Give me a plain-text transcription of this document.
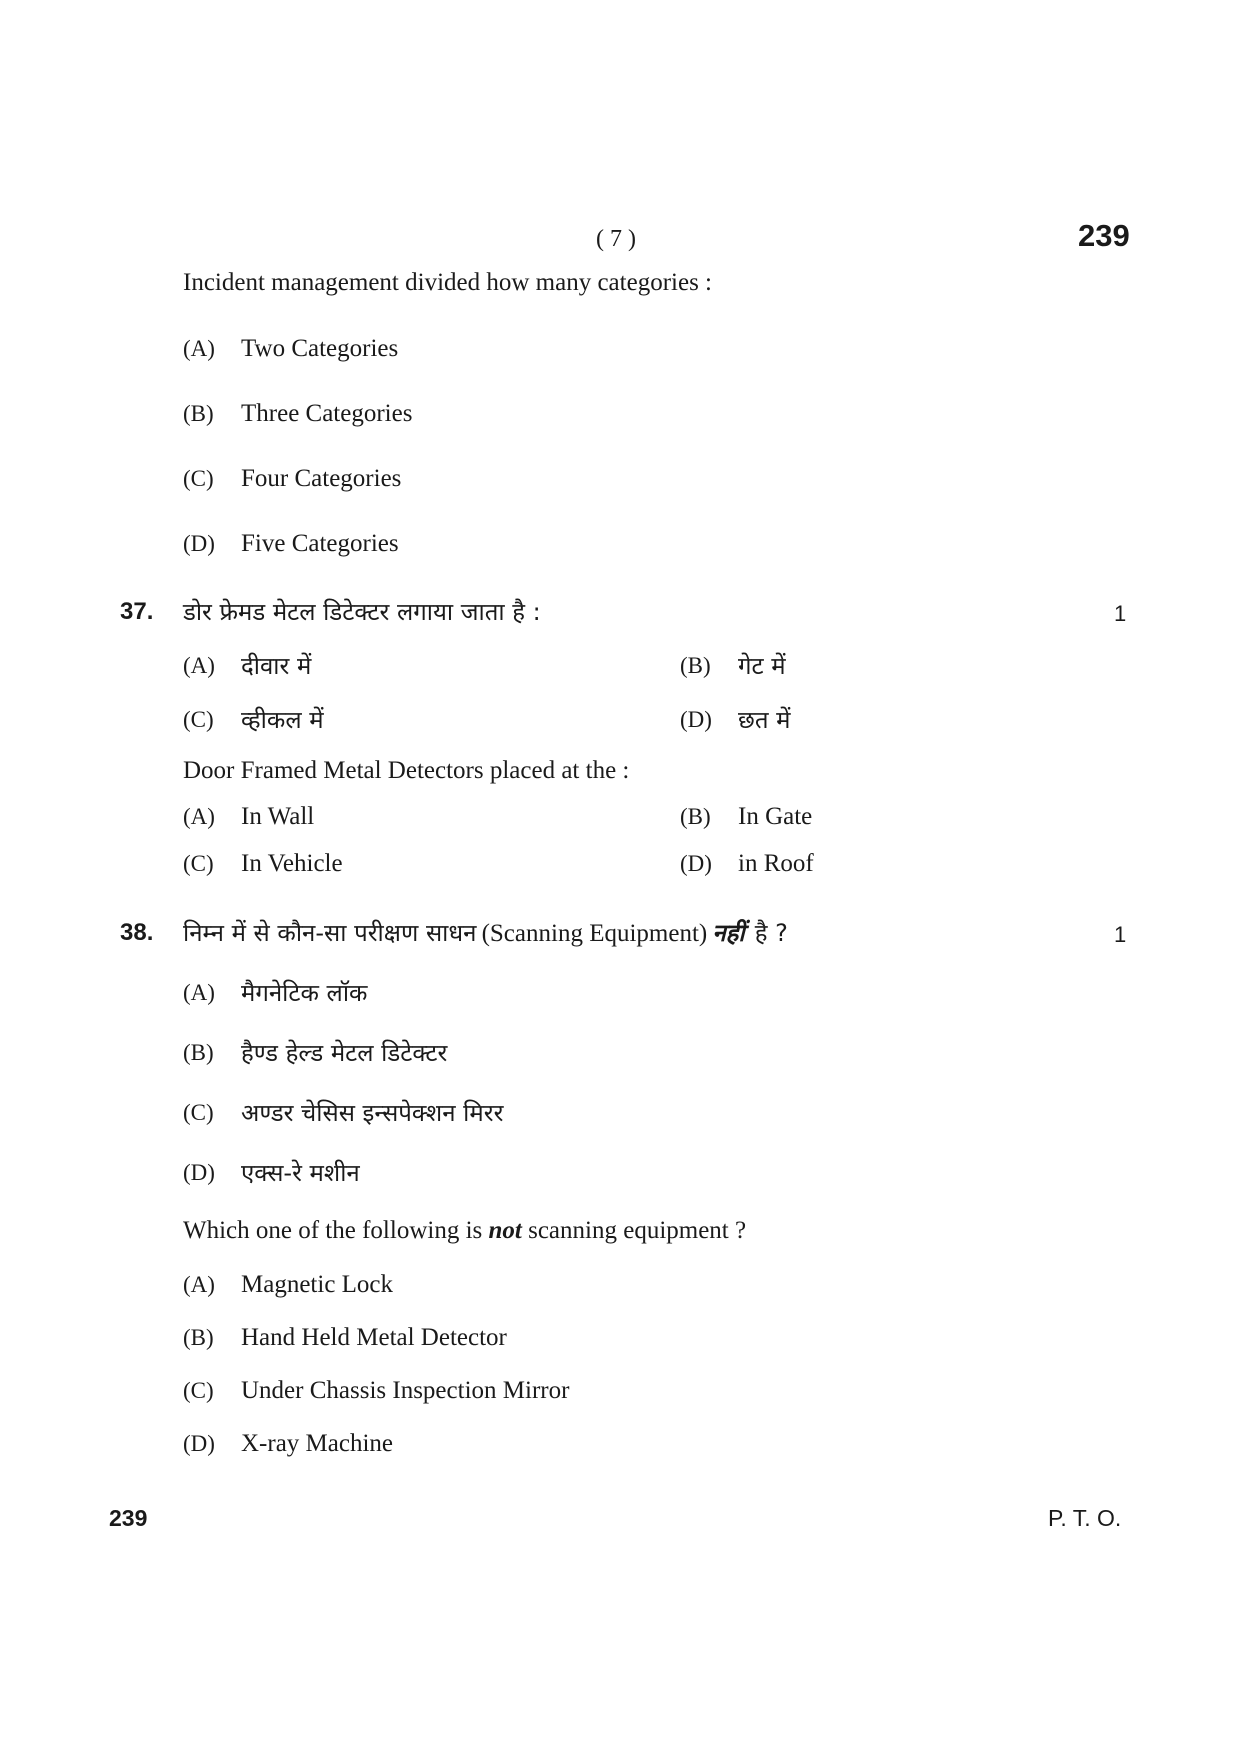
( 7 )	239
Incident management divided how many categories :
(A) Two Categories
(B) Three Categories
(C) Four Categories
(D) Five Categories
37. डोर फ्रेमड मेटल डिटेक्टर लगाया जाता है :	1
(A) दीवार में	(B) गेट में
(C) व्हीकल में	(D) छत में
Door Framed Metal Detectors placed at the :
(A) In Wall	(B) In Gate
(C) In Vehicle	(D) in Roof
38. निम्न में से कौन-सा परीक्षण साधन (Scanning Equipment) नहीं है ?	1
(A) मैगनेटिक लॉक
(B) हैण्ड हेल्ड मेटल डिटेक्टर
(C) अण्डर चेसिस इन्सपेक्शन मिरर
(D) एक्स-रे मशीन
Which one of the following is not scanning equipment ?
(A) Magnetic Lock
(B) Hand Held Metal Detector
(C) Under Chassis Inspection Mirror
(D) X-ray Machine
239	P. T. O.
